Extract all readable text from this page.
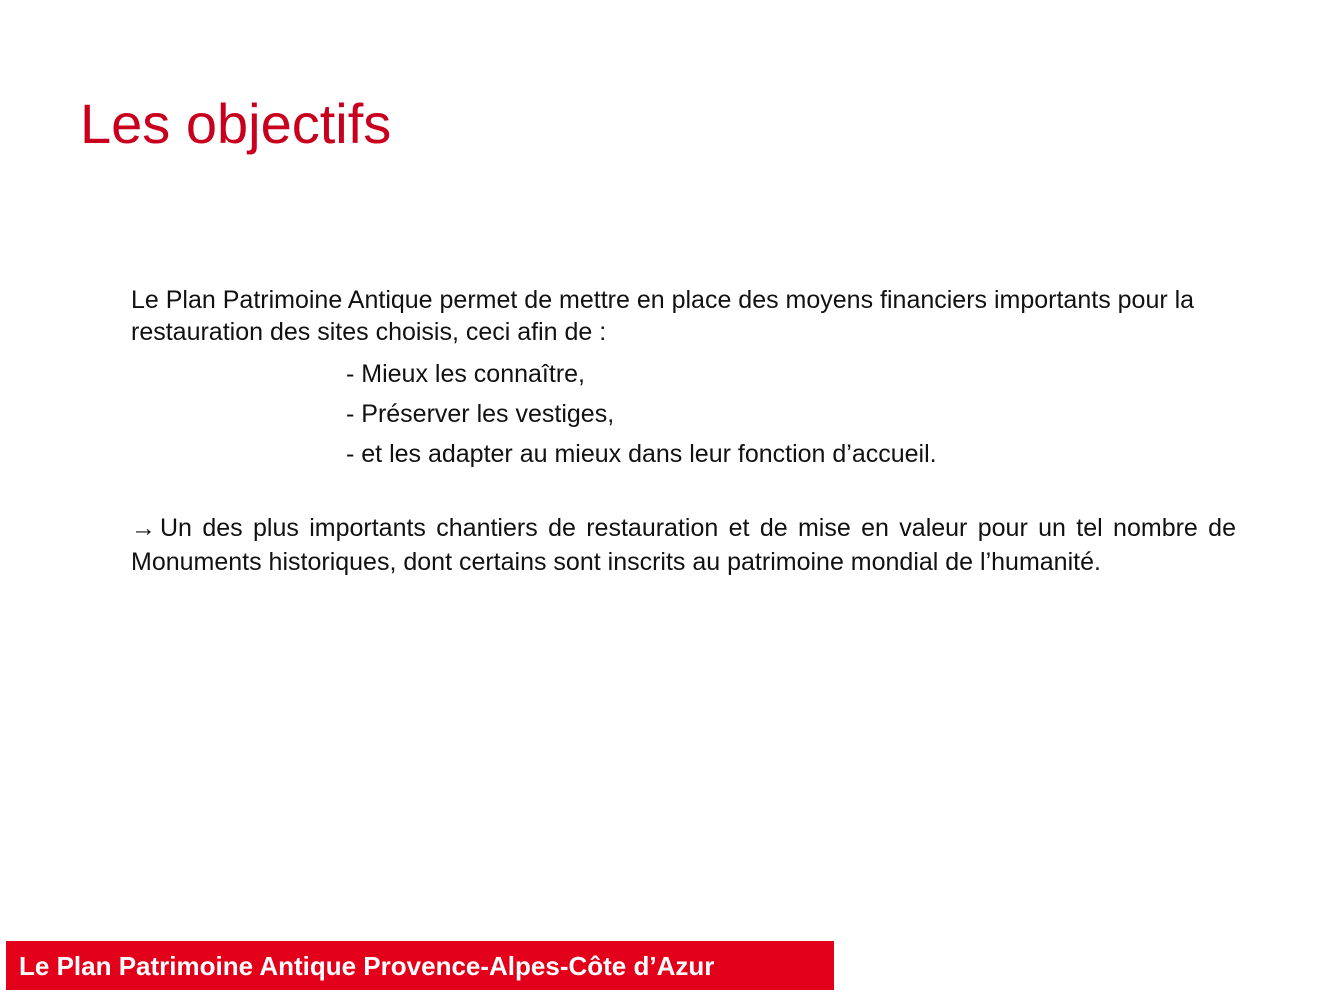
Les objectifs

Le Plan Patrimoine Antique permet de mettre en place des moyens financiers importants pour la restauration des sites choisis, ceci afin de :

- Mieux les connaître,
- Préserver les vestiges,
- et les adapter au mieux dans leur fonction d’accueil.

→ Un des plus importants chantiers de restauration et de mise en valeur pour un tel nombre de Monuments historiques, dont certains sont inscrits au patrimoine mondial de l’humanité.

Le Plan Patrimoine Antique Provence-Alpes-Côte d’Azur
